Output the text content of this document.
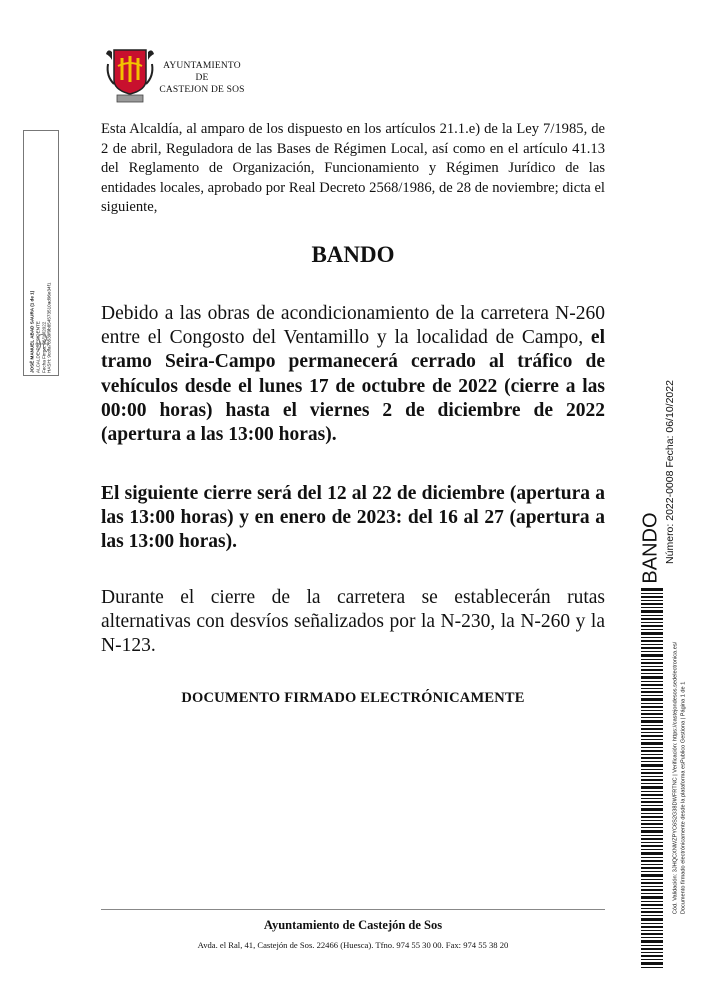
AYUNTAMIENTO
DE
CASTEJON DE SOS
JOSÉ MANUEL ABAD SAURA (1 de 1) ALCALDE-PRESIDENTE Fecha Firma: 06/10/2022 HASH: 9cdfa78539f9b854573510ad96e34f1
Esta Alcaldía, al amparo de los dispuesto en los artículos 21.1.e) de la Ley 7/1985, de 2 de abril, Reguladora de las Bases de Régimen Local, así como en el artículo 41.13 del Reglamento de Organización, Funcionamiento y Régimen Jurídico de las entidades locales, aprobado por Real Decreto 2568/1986, de 28 de noviembre; dicta el siguiente,
BANDO
Debido a las obras de acondicionamiento de la carretera N-260 entre el Congosto del Ventamillo y la localidad de Campo, el tramo Seira-Campo permanecerá cerrado al tráfico de vehículos desde el lunes 17 de octubre de 2022 (cierre a las 00:00 horas) hasta el viernes 2 de diciembre de 2022 (apertura a las 13:00 horas).
El siguiente cierre será del 12 al 22 de diciembre (apertura a las 13:00 horas) y en enero de 2023: del 16 al 27 (apertura a las 13:00 horas).
Durante el cierre de la carretera se establecerán rutas alternativas con desvíos señalizados por la N-230, la N-260 y la N-123.
DOCUMENTO FIRMADO ELECTRÓNICAMENTE
Ayuntamiento de Castejón de Sos
Avda. el Ral, 41, Castejón de Sos. 22466 (Huesca). Tfno. 974 55 30 00. Fax: 974 55 38 20
BANDO Número: 2022-0008 Fecha: 06/10/2022
Cód. Validación: 3JHQCXNWZPYC6S2G38DWFRTNC | Verificación: https://castejondesos.sedelectronica.es/ Documento firmado electrónicamente desde la plataforma esPublico Gestiona | Página 1 de 1
